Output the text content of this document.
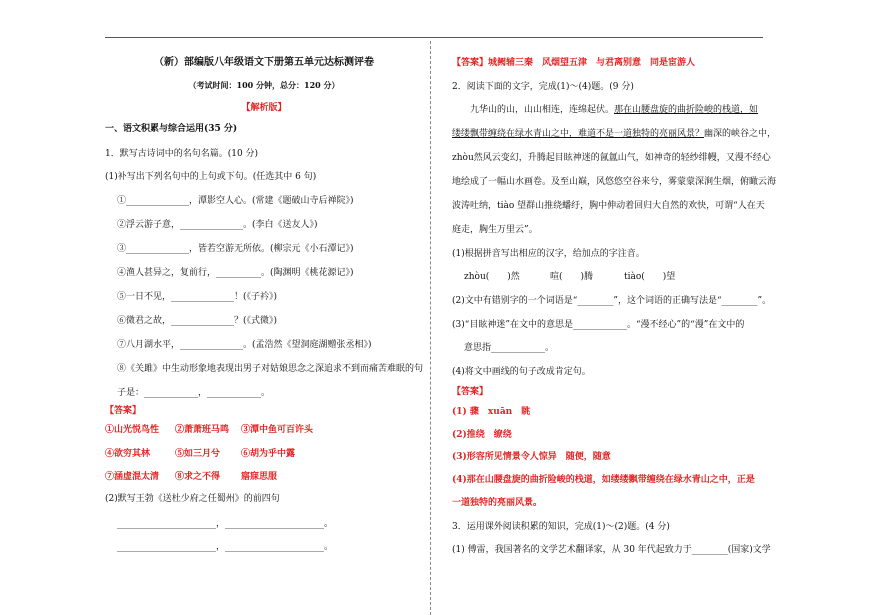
（新）部编版八年级语文下册第五单元达标测评卷
（考试时间：100 分钟，总分：120 分）
【解析版】
一、语文积累与综合运用(35 分)
1．默写古诗词中的名句名篇。(10 分)
(1)补写出下列名句中的上句或下句。(任选其中 6 句)
①______________，潭影空人心。(常建《题破山寺后禅院》)
②浮云游子意，______________。(李白《送友人》)
③______________，皆若空游无所依。(柳宗元《小石潭记》)
④渔人甚异之，复前行，__________。(陶渊明《桃花源记》)
⑤一日不见，______________！(《子衿》)
⑥微君之故，______________？(《式微》)
⑦八月湖水平，______________。(孟浩然《望洞庭湖赠张丞相》)
⑧《关雎》中生动形象地表现出男子对姑娘思念之深追求不到而痛苦难眠的句
子是：____________，____________。
【答案】
①山光悦鸟性 ②萧萧班马鸣 ③潭中鱼可百许头
④欲穷其林	⑤如三月兮 ⑥胡为乎中露
⑦涵虚混太清 ⑧求之不得 寤寐思服
(2)默写王勃《送杜少府之任蜀州》的前四句
______________________，______________________。
______________________，______________________。
【答案】城阙辅三秦　风烟望五津　与君离别意　同是宦游人
2．阅读下面的文字，完成(1)～(4)题。(9 分)
　　九华山的山，山山相连，连绵起伏。那在山腰盘旋的曲折险峻的栈道，如
缕缕飘带缠绕在绿水青山之中，难道不是一道独特的亮丽风景？幽深的峡谷之中，
zhòu然风云变幻，升腾起目眩神迷的氤氲山气，如神奇的轻纱绯幔，又漫不经心
地绘成了一幅山水画卷。及至山巅，风悠悠空谷来兮，雾蒙蒙深涧生烟，俯瞰云海
波涛吐纳，tiào 望群山推绕蟠纡，胸中伸动着回归大自然的欢快，可谓“人在天
庭走，胸生万里云”。
(1)根据拼音写出相应的汉字，给加点的字注音。
zhòu(　　)然	喧(　　)腾	tiào(　　)望
(2)文中有错别字的一个词语是“________”，这个词语的正确写法是“________”。
(3)“目眩神迷”在文中的意思是____________。“漫不经心”的“漫”在文中的
意思指____________。
(4)将文中画线的句子改成肯定句。
【答案】
(1) 骤　xuān　眺
(2)推绕　缭绕
(3)形容所见情景令人惊异　随便，随意
(4)那在山腰盘旋的曲折险峻的栈道，如缕缕飘带缠绕在绿水青山之中，正是
一道独特的亮丽风景。
3．运用课外阅读积累的知识，完成(1)～(2)题。(4 分)
(1) 傅雷，我国著名的文学艺术翻译家，从 30 年代起致力于________(国家)文学
